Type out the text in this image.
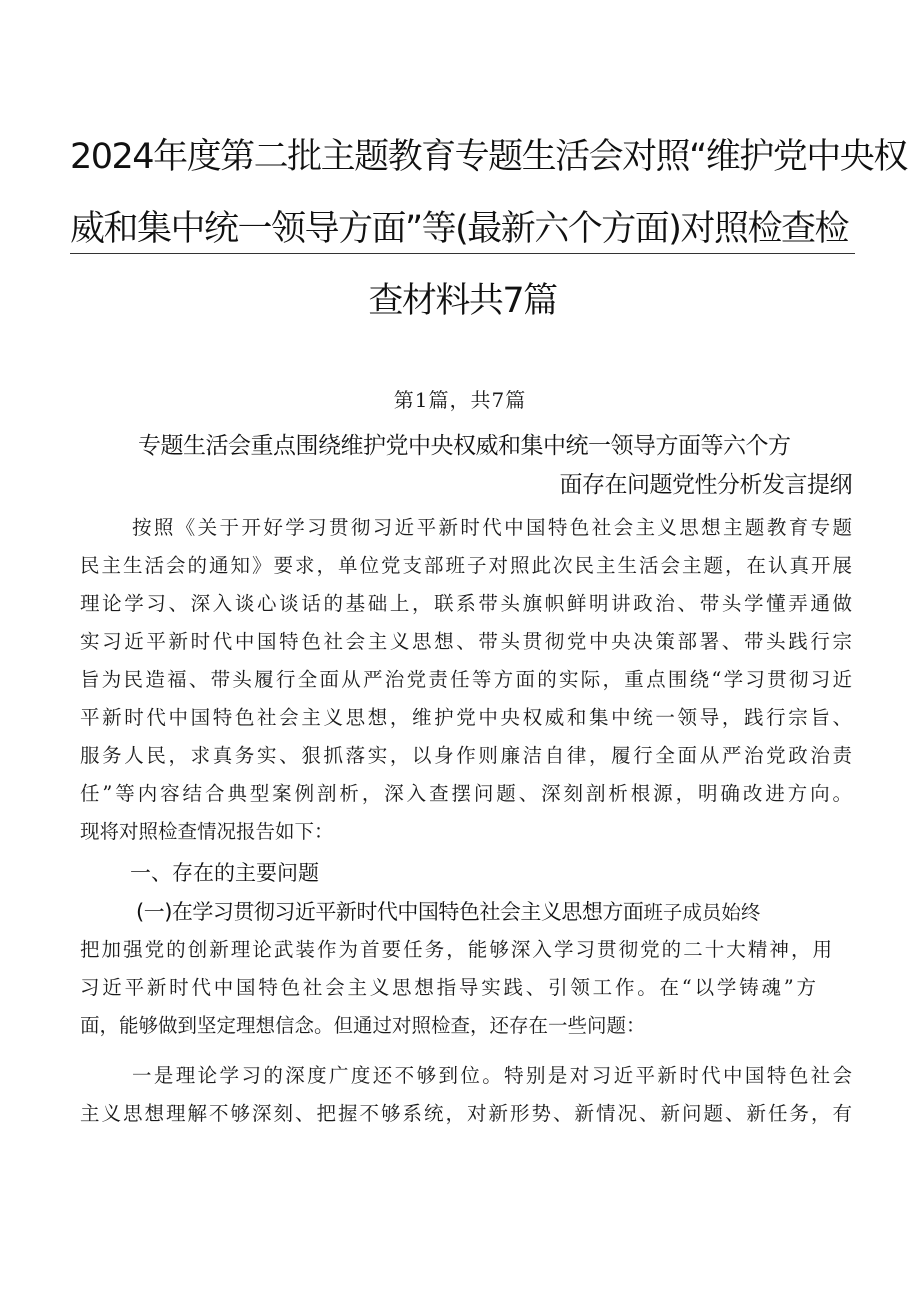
2024年度第二批主题教育专题生活会对照“维护党中央权
威和集中统一领导方面”等(最新六个方面)对照检查检
查材料共7篇
第1篇，共7篇
专题生活会重点围绕维护党中央权威和集中统一领导方面等六个方
面存在问题党性分析发言提纲
按照《关于开好学习贯彻习近平新时代中国特色社会主义思想主题教育专题
民主生活会的通知》要求，单位党支部班子对照此次民主生活会主题，在认真开展
理论学习、深入谈心谈话的基础上，联系带头旗帜鲜明讲政治、带头学懂弄通做
实习近平新时代中国特色社会主义思想、带头贯彻党中央决策部署、带头践行宗
旨为民造福、带头履行全面从严治党责任等方面的实际，重点围绕“学习贯彻习近
平新时代中国特色社会主义思想，维护党中央权威和集中统一领导，践行宗旨、
服务人民，求真务实、狠抓落实，以身作则廉洁自律，履行全面从严治党政治责
任”等内容结合典型案例剖析，深入查摆问题、深刻剖析根源，明确改进方向。
现将对照检查情况报告如下：
一、存在的主要问题
(一)在学习贯彻习近平新时代中国特色社会主义思想方面班子成员始终
把加强党的创新理论武装作为首要任务，能够深入学习贯彻党的二十大精神，用
习近平新时代中国特色社会主义思想指导实践、引领工作。在“以学铸魂”方
面，能够做到坚定理想信念。但通过对照检查，还存在一些问题：
一是理论学习的深度广度还不够到位。特别是对习近平新时代中国特色社会
主义思想理解不够深刻、把握不够系统，对新形势、新情况、新问题、新任务，有
